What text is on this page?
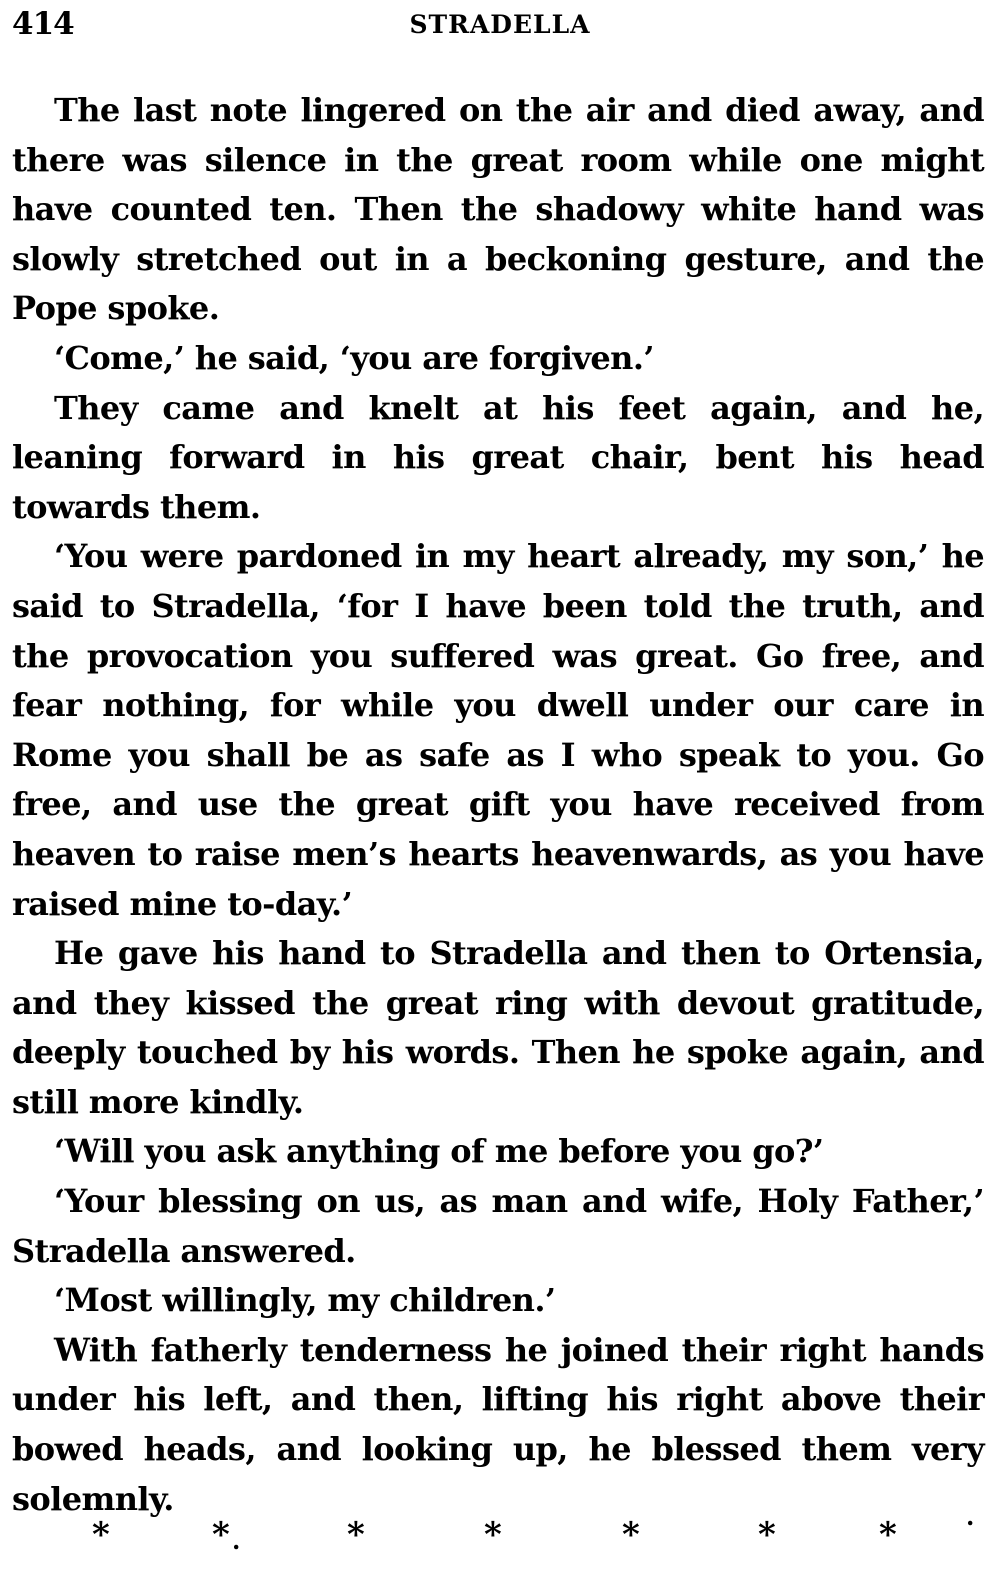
414	STRADELLA

The last note lingered on the air and died away, and there was silence in the great room while one might have counted ten. Then the shadowy white hand was slowly stretched out in a beckoning gesture, and the Pope spoke.

‘Come,’ he said, ‘you are forgiven.’

They came and knelt at his feet again, and he, leaning forward in his great chair, bent his head towards them.

‘You were pardoned in my heart already, my son,’ he said to Stradella, ‘for I have been told the truth, and the provocation you suffered was great. Go free, and fear nothing, for while you dwell under our care in Rome you shall be as safe as I who speak to you. Go free, and use the great gift you have received from heaven to raise men’s hearts heavenwards, as you have raised mine to-day.’

He gave his hand to Stradella and then to Ortensia, and they kissed the great ring with devout gratitude, deeply touched by his words. Then he spoke again, and still more kindly.

‘Will you ask anything of me before you go?’

‘Your blessing on us, as man and wife, Holy Father,’ Stradella answered.

‘Most willingly, my children.’

With fatherly tenderness he joined their right hands under his left, and then, lifting his right above their bowed heads, and looking up, he blessed them very solemnly.

*	* .	*	*	*	*	*	.
